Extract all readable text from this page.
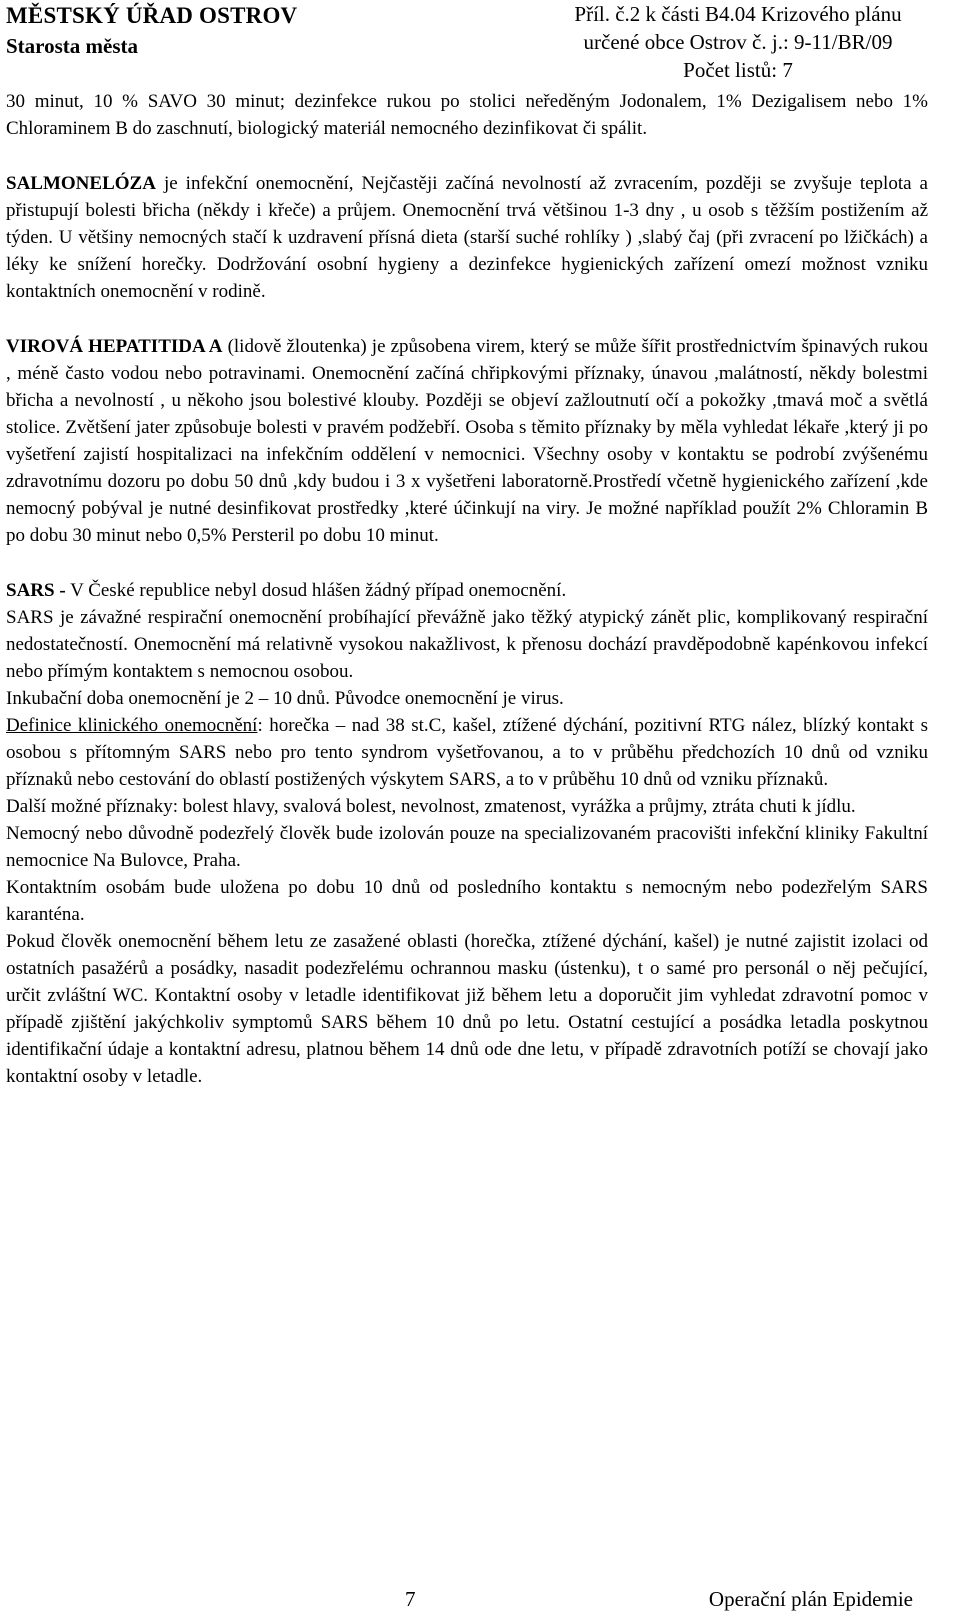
MĚSTSKÝ ÚŘAD OSTROV
Starosta města
Příl. č.2 k části B4.04 Krizového plánu
určené obce Ostrov č. j.: 9-11/BR/09
Počet listů: 7

30 minut, 10 % SAVO 30 minut; dezinfekce rukou po stolici neředěným Jodonalem, 1% Dezigalisem nebo 1% Chloraminem B do zaschnutí, biologický materiál nemocného dezinfikovat či spálit.

SALMONELÓZA je infekční onemocnění, Nejčastěji začíná nevolností až zvracením, později se zvyšuje teplota a přistupují bolesti břicha (někdy i křeče) a průjem. Onemocnění trvá většinou 1-3 dny , u osob s těžším postižením až týden. U většiny nemocných stačí k uzdravení přísná dieta (starší suché rohlíky ) ,slabý čaj (při zvracení po lžičkách) a léky ke snížení horečky. Dodržování osobní hygieny a dezinfekce hygienických zařízení omezí možnost vzniku kontaktních onemocnění v rodině.

VIROVÁ HEPATITIDA A (lidově žloutenka) je způsobena virem, který se může šířit prostřednictvím špinavých rukou , méně často vodou nebo potravinami. Onemocnění začíná chřipkovými příznaky, únavou ,malátností, někdy bolestmi břicha a nevolností , u někoho jsou bolestivé klouby. Později se objeví zažloutnutí očí a pokožky ,tmavá moč a světlá stolice. Zvětšení jater způsobuje bolesti v pravém podžebří. Osoba s těmito příznaky by měla vyhledat lékaře ,který ji po vyšetření zajistí hospitalizaci na infekčním oddělení v nemocnici. Všechny osoby v kontaktu se podrobí zvýšenému zdravotnímu dozoru po dobu 50 dnů ,kdy budou i 3 x vyšetřeni laboratorně.Prostředí včetně hygienického zařízení ,kde nemocný pobýval je nutné desinfikovat prostředky ,které účinkují na viry. Je možné například použít 2% Chloramin B po dobu 30 minut nebo 0,5% Persteril po dobu 10 minut.

SARS - V České republice nebyl dosud hlášen žádný případ onemocnění.

SARS je závažné respirační onemocnění probíhající převážně jako těžký atypický zánět plic, komplikovaný respirační nedostatečností. Onemocnění má relativně vysokou nakažlivost, k přenosu dochází pravděpodobně kapénkovou infekcí nebo přímým kontaktem s nemocnou osobou.

Inkubační doba onemocnění je 2 – 10 dnů. Původce onemocnění je virus.

Definice klinického onemocnění: horečka – nad 38 st.C, kašel, ztížené dýchání, pozitivní RTG nález, blízký kontakt s osobou s přítomným SARS nebo pro tento syndrom vyšetřovanou, a to v průběhu předchozích 10 dnů od vzniku příznaků nebo cestování do oblastí postižených výskytem SARS, a to v průběhu 10 dnů od vzniku příznaků.

Další možné příznaky: bolest hlavy, svalová bolest, nevolnost, zmatenost, vyrážka a průjmy, ztráta chuti k jídlu.

Nemocný nebo důvodně podezřelý člověk bude izolován pouze na specializovaném pracovišti infekční kliniky Fakultní nemocnice Na Bulovce, Praha.

Kontaktním osobám bude uložena po dobu 10 dnů od posledního kontaktu s nemocným nebo podezřelým SARS karanténa.

Pokud člověk onemocnění během letu ze zasažené oblasti (horečka, ztížené dýchání, kašel) je nutné zajistit izolaci od ostatních pasažérů a posádky, nasadit podezřelému ochrannou masku (ústenku), t o samé pro personál o něj pečující, určit zvláštní WC. Kontaktní osoby v letadle identifikovat již během letu a doporučit jim vyhledat zdravotní pomoc v případě zjištění jakýchkoliv symptomů SARS během 10 dnů po letu. Ostatní cestující a posádka letadla poskytnou identifikační údaje a kontaktní adresu, platnou během 14 dnů ode dne letu, v případě zdravotních potíží se chovají jako kontaktní osoby v letadle.

7	Operační plán Epidemie
